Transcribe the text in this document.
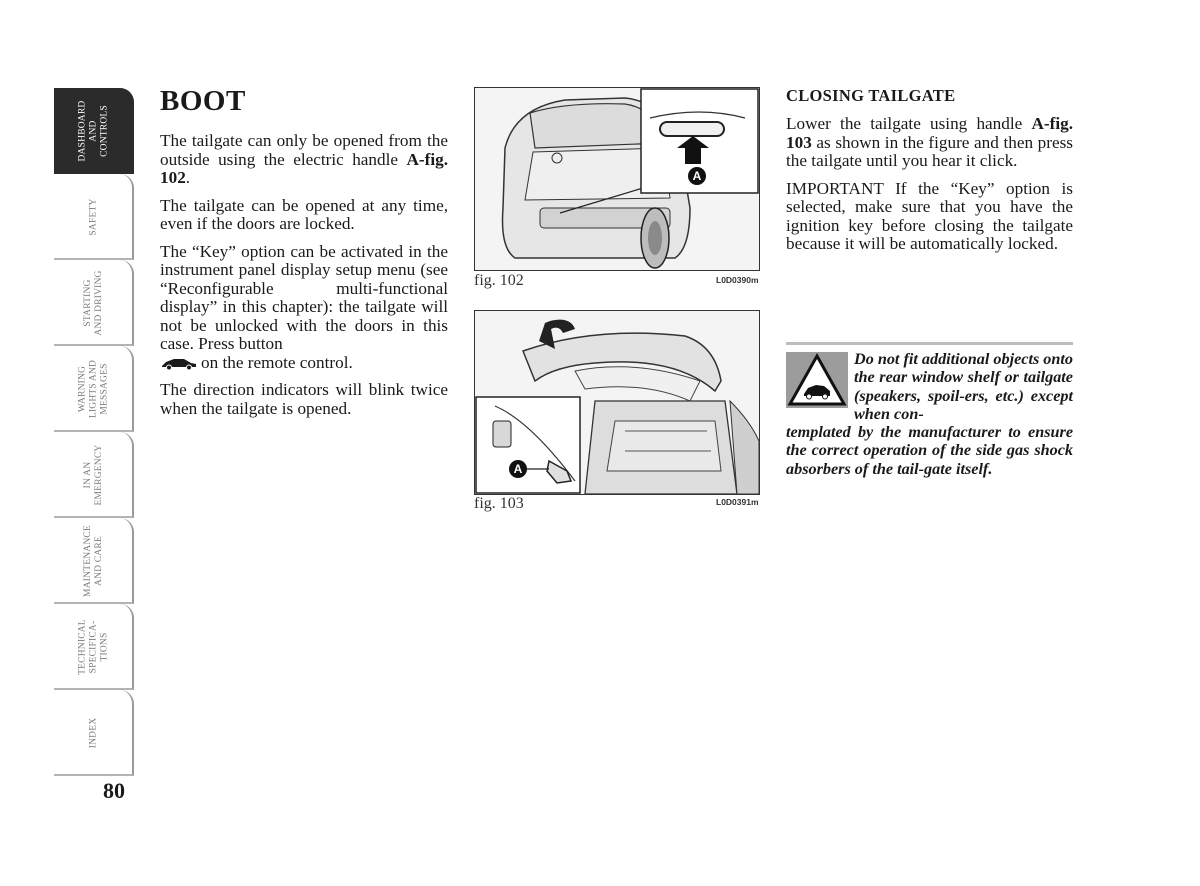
DASHBOARD
AND
CONTROLS
SAFETY
STARTING
AND DRIVING
WARNING
LIGHTS AND
MESSAGES
IN AN
EMERGENCY
MAINTENANCE
AND CARE
TECHNICAL
SPECIFICA-
TIONS
INDEX
80
BOOT

The tailgate can only be opened from the outside using the electric handle A-fig. 102.

The tailgate can be opened at any time, even if the doors are locked.

The “Key” option can be activated in the instrument panel display setup menu (see “Reconfigurable multi-functional display” in this chapter): the tailgate will not be unlocked with the doors in this case. Press button
on the remote control.

The direction indicators will blink twice when the tailgate is opened.

A
fig. 102	L0D0390m
A
fig. 103	L0D0391m
CLOSING TAILGATE

Lower the tailgate using handle A-fig. 103 as shown in the figure and then press the tailgate until you hear it click.

IMPORTANT If the “Key” option is selected, make sure that you have the ignition key before closing the tailgate because it will be automatically locked.

Do not fit additional objects onto the rear window shelf or tailgate (speakers, spoil-ers, etc.) except when con-

templated by the manufacturer to ensure the correct operation of the side gas shock absorbers of the tail-gate itself.
